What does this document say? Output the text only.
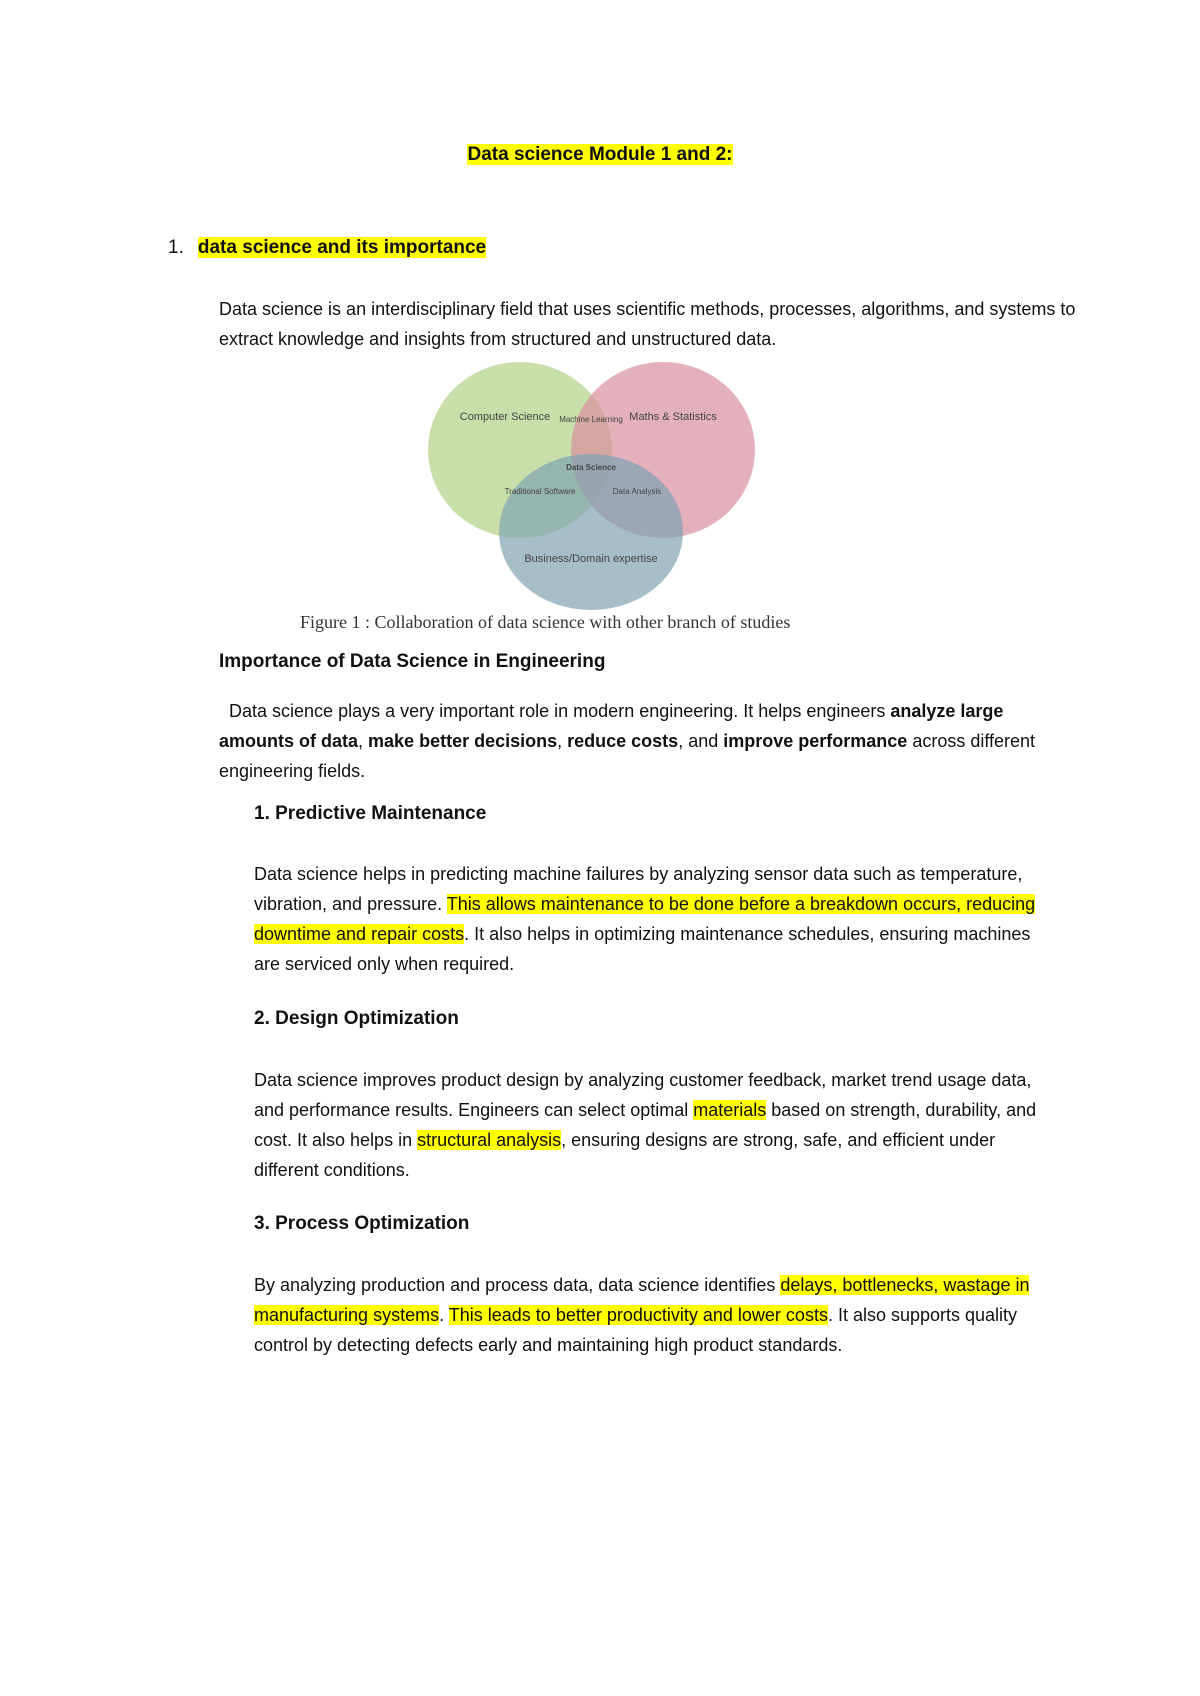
Data science Module 1 and 2:
1. data science and its importance
Data science is an interdisciplinary field that uses scientific methods, processes, algorithms, and systems to extract knowledge and insights from structured and unstructured data.
Computer Science	Maths & Statistics
Business/Domain expertise
Machine Learning
Traditional Software	Data Analysis
Data Science
Figure 1 : Collaboration of data science with other branch of studies
Importance of Data Science in Engineering
Data science plays a very important role in modern engineering. It helps engineers analyze large amounts of data, make better decisions, reduce costs, and improve performance across different engineering fields.
1. Predictive Maintenance
Data science helps in predicting machine failures by analyzing sensor data such as temperature, vibration, and pressure. This allows maintenance to be done before a breakdown occurs, reducing downtime and repair costs. It also helps in optimizing maintenance schedules, ensuring machines are serviced only when required.
2. Design Optimization
Data science improves product design by analyzing customer feedback, market trend usage data, and performance results. Engineers can select optimal materials based on strength, durability, and cost. It also helps in structural analysis, ensuring designs are strong, safe, and efficient under different conditions.
3. Process Optimization
By analyzing production and process data, data science identifies delays, bottlenecks, wastage in manufacturing systems. This leads to better productivity and lower costs. It also supports quality control by detecting defects early and maintaining high product standards.
